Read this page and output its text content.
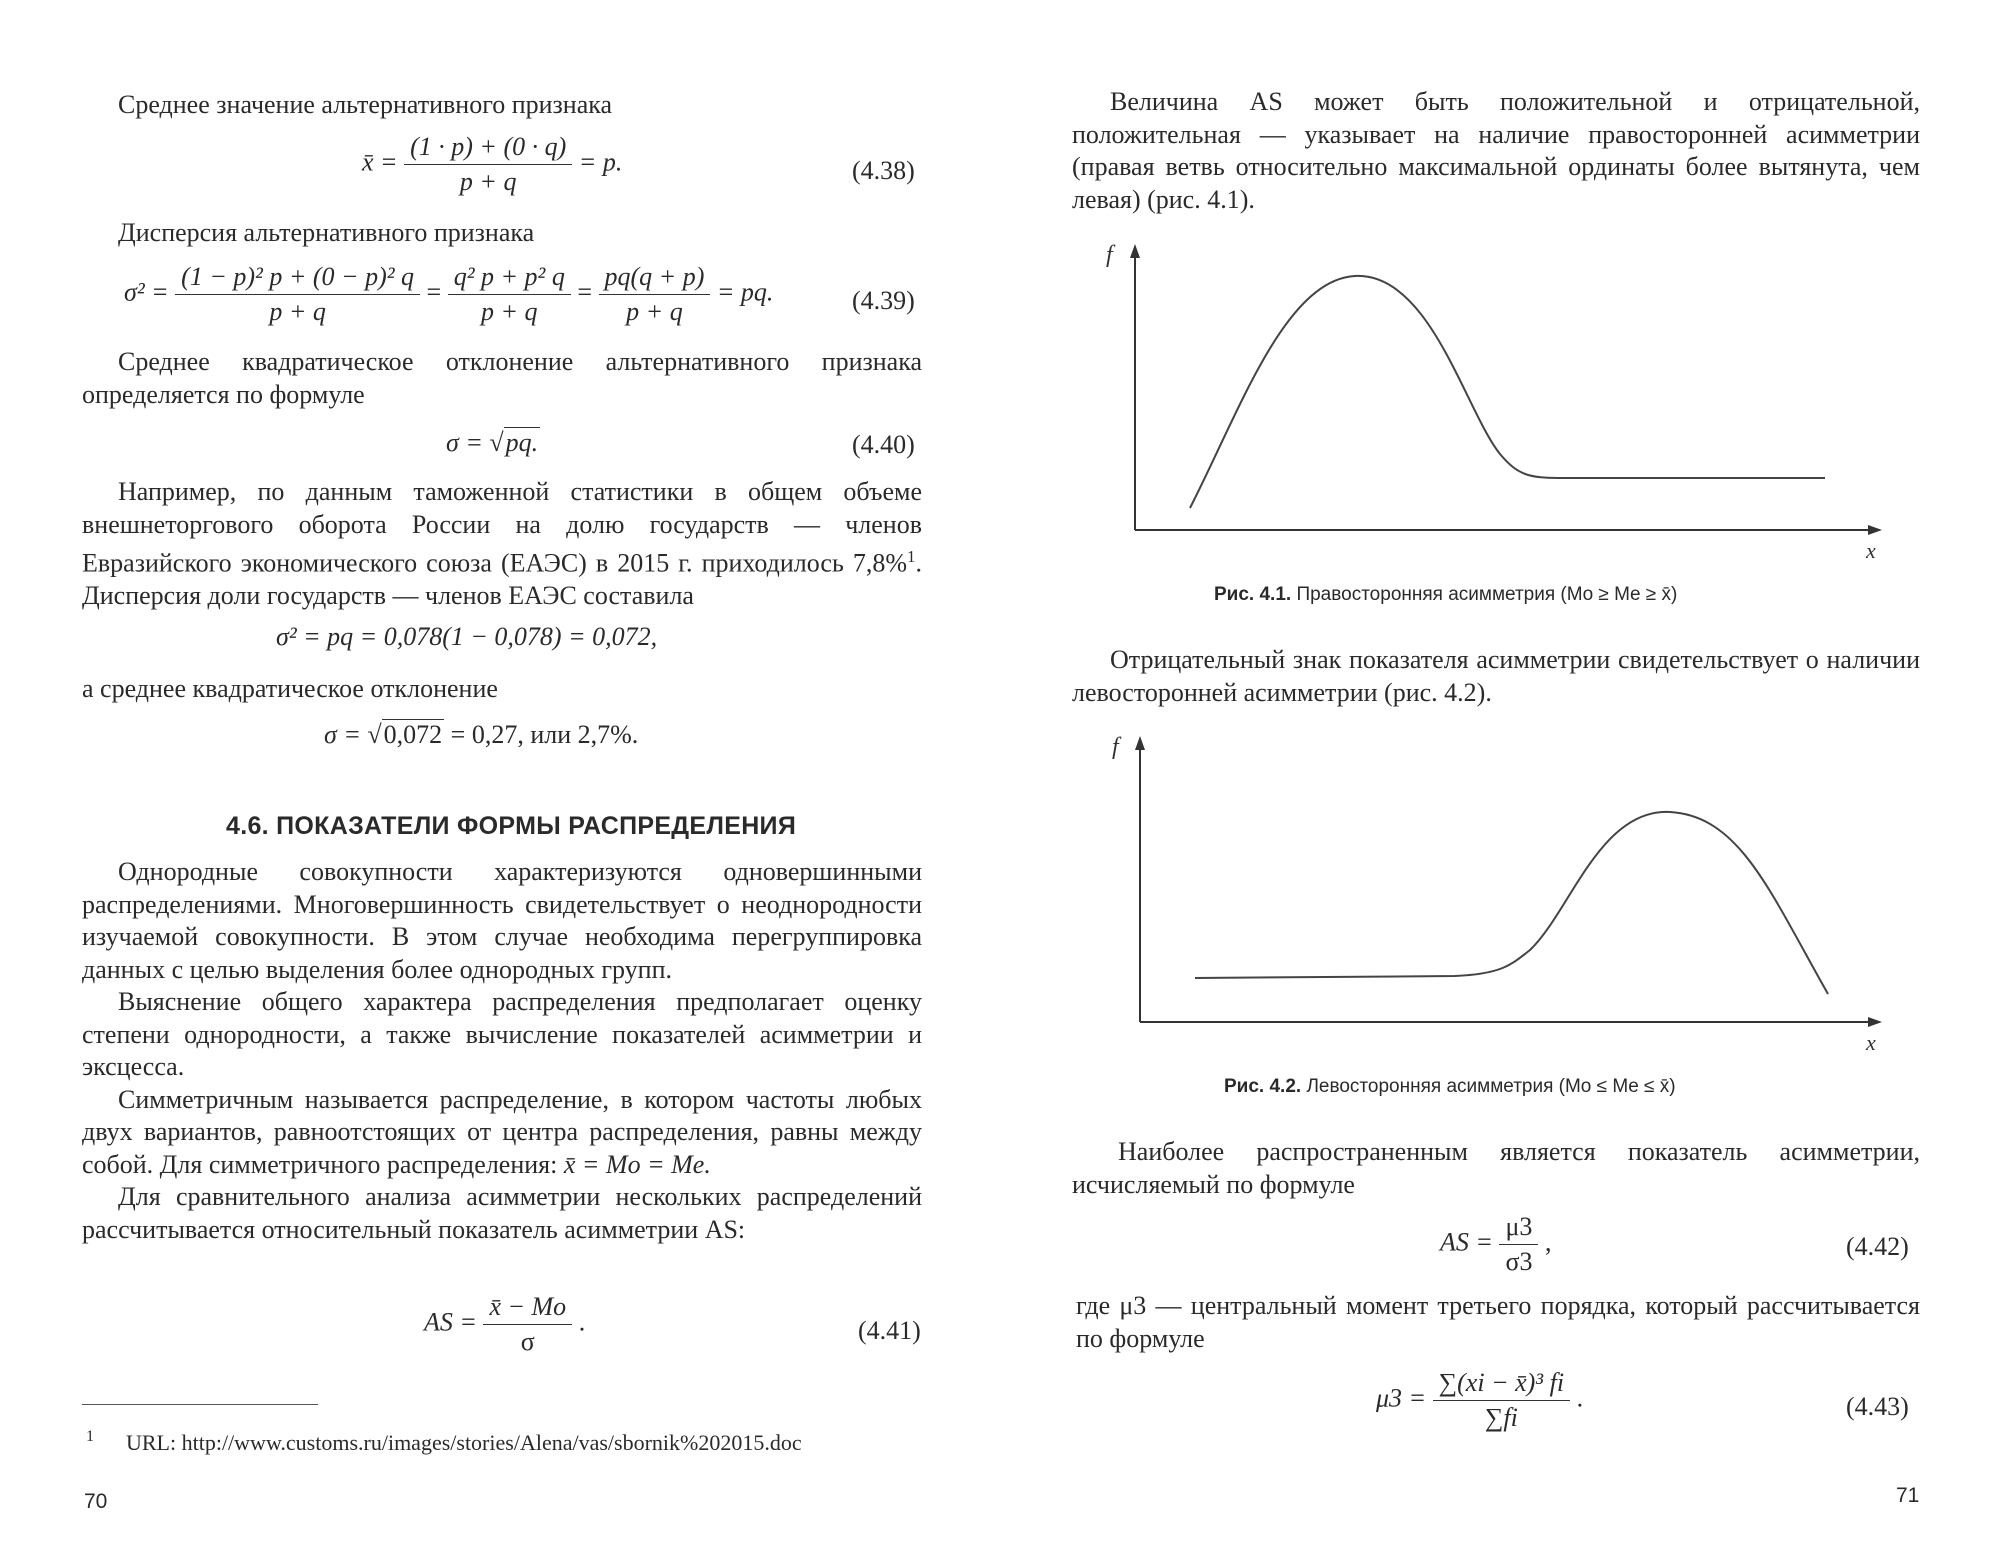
Среднее значение альтернативного признака
x̄ = $\frac{(1 \cdot p) + (0 \cdot q)}{p + q} = p$.	(4.38)
Дисперсия альтернативного признака
$\sigma^2 = \frac{\text{(1 − p)² p + (0 − p)² q}}{p + q} = \frac{\text{q² p + p² q}}{p + q} = \frac{pq(q + p)}{p + q}$ = pq.	(4.39)
Среднее квадратическое отклонение альтернативного признака определяется по формуле
σ = √pq.	(4.40)
Например, по данным таможенной статистики в общем объеме внешнеторгового оборота России на долю государств — членов Евразийского экономического союза (ЕАЭС) в 2015 г. приходилось 7,8%$^1$. Дисперсия доли государств — членов ЕАЭС составила
σ² = pq = 0,078(1 − 0,078) = 0,072,
а среднее квадратическое отклонение
σ = √0,072 = 0,27, или 2,7%.
4.6. ПОКАЗАТЕЛИ ФОРМЫ РАСПРЕДЕЛЕНИЯ

Однородные совокупности характеризуются одновершинными распределениями. Многовершинность свидетельствует о неоднородности изучаемой совокупности. В этом случае необходима перегруппировка данных с целью выделения более однородных групп.

Выяснение общего характера распределения предполагает оценку степени однородности, а также вычисление показателей асимметрии и эксцесса.

Симметричным называется распределение, в котором частоты любых двух вариантов, равноотстоящих от центра распределения, равны между собой. Для симметричного распределения: x̄ = Mo = Me.

Для сравнительного анализа асимметрии нескольких распределений рассчитывается относительный показатель асимметрии AS:

AS = $\frac{x̄ - Mo}{\sigma}$ .	(4.41)
1 URL: http://www.customs.ru/images/stories/Alena/vas/sbornik%202015.doc
70
Величина AS может быть положительной и отрицательной, положительная — указывает на наличие правосторонней асимметрии (правая ветвь относительно максимальной ординаты более вытянута, чем левая) (рис. 4.1).
f
x
Рис. 4.1. Правосторонняя асимметрия (Mo ≥ Me ≥ x̄)
Отрицательный знак показателя асимметрии свидетельствует о наличии левосторонней асимметрии (рис. 4.2).
f
x
Рис. 4.2. Левосторонняя асимметрия (Mo ≤ Me ≤ x̄)
Наиболее распространенным является показатель асимметрии, исчисляемый по формуле
AS = $\frac{\mu 3}{\sigma 3}$ ,	(4.42)
где μ3 — центральный момент третьего порядка, который рассчитывается по формуле
$\mu 3 = \frac{\text{∑(xi − x̄)³ fi}}{\sum fi}$ .	(4.43)
71
